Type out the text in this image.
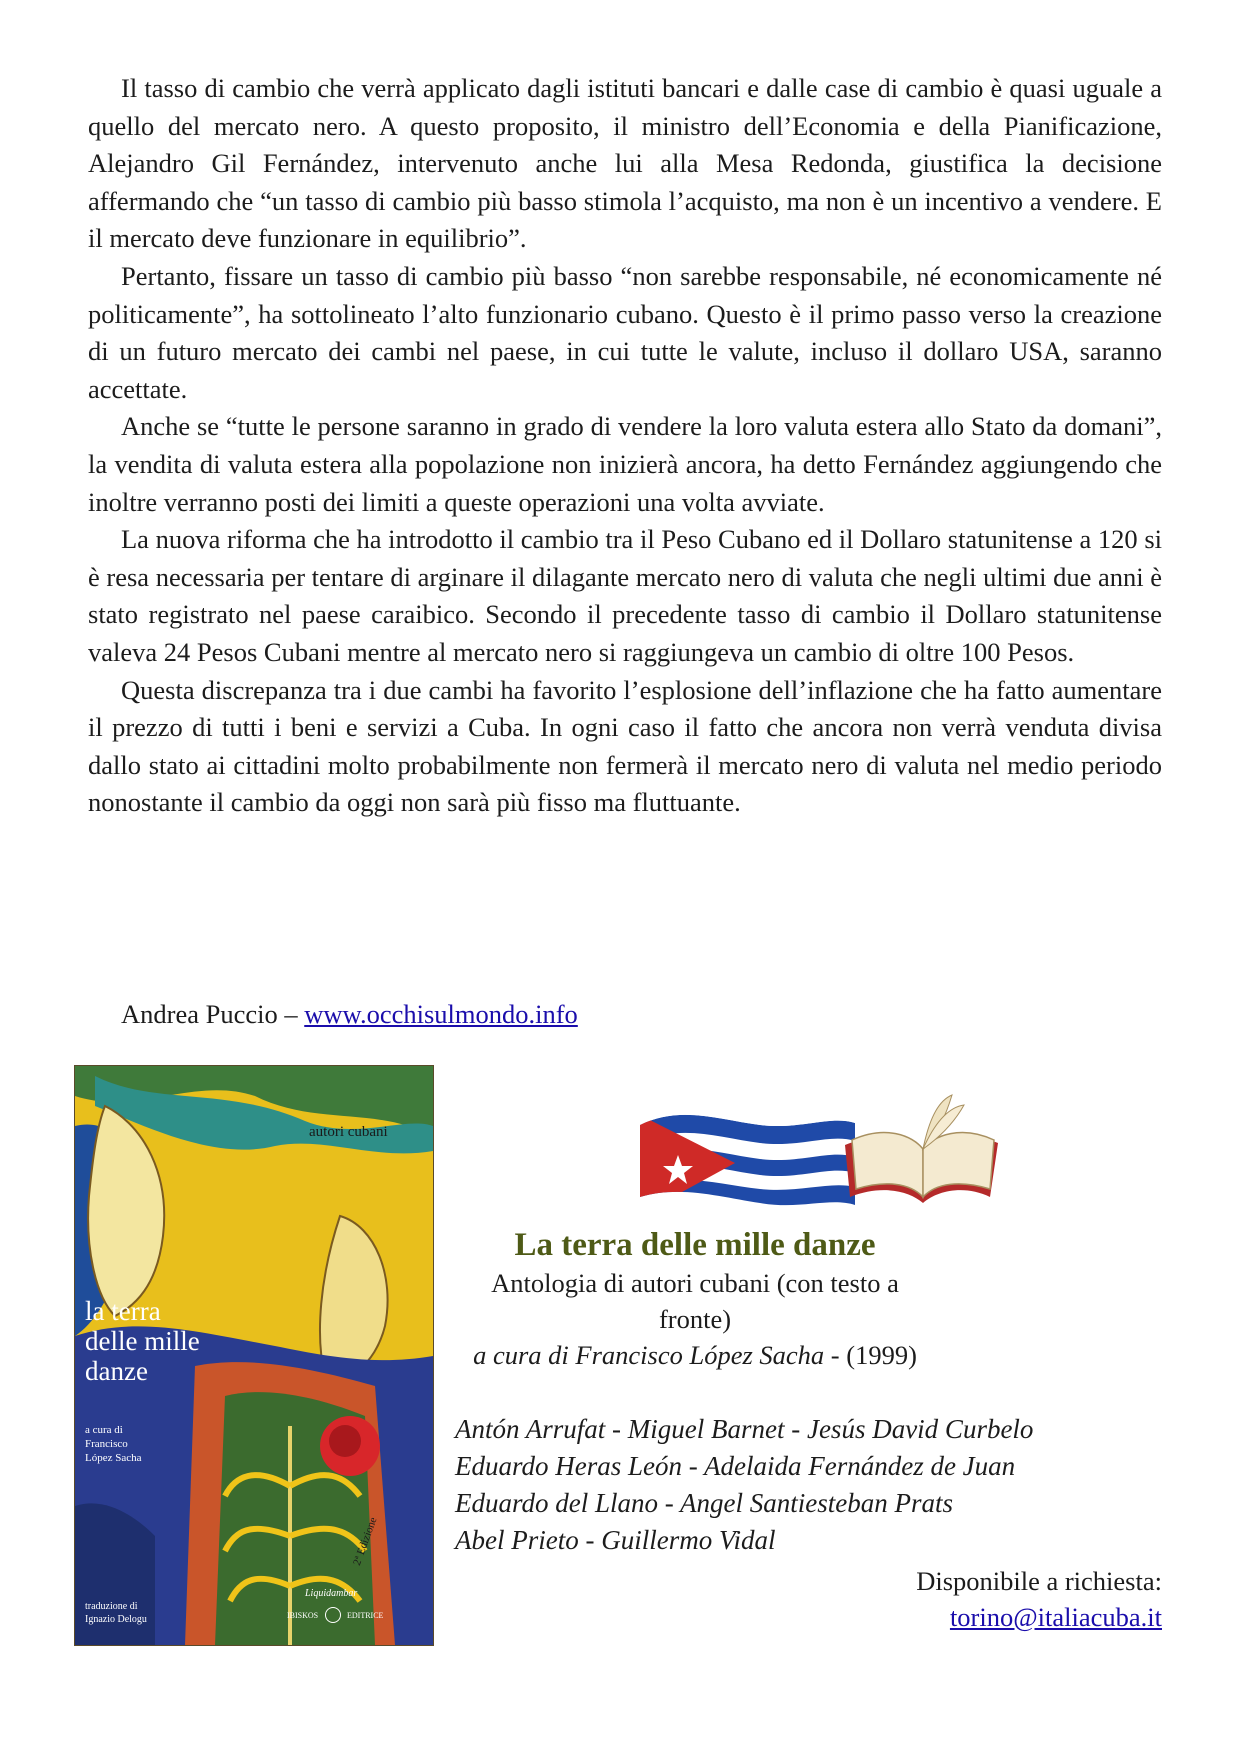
Il tasso di cambio che verrà applicato dagli istituti bancari e dalle case di cambio è quasi uguale a quello del mercato nero. A questo proposito, il ministro dell’Economia e della Pianificazione, Alejandro Gil Fernández, intervenuto anche lui alla Mesa Redonda, giustifica la decisione affermando che “un tasso di cambio più basso stimola l’acquisto, ma non è un incentivo a vendere. E il mercato deve funzionare in equilibrio”.

Pertanto, fissare un tasso di cambio più basso “non sarebbe responsabile, né economicamente né politicamente”, ha sottolineato l’alto funzionario cubano. Questo è il primo passo verso la creazione di un futuro mercato dei cambi nel paese, in cui tutte le valute, incluso il dollaro USA, saranno accettate.

Anche se “tutte le persone saranno in grado di vendere la loro valuta estera allo Stato da domani”, la vendita di valuta estera alla popolazione non inizierà ancora, ha detto Fernández aggiungendo che inoltre verranno posti dei limiti a queste operazioni una volta avviate.

La nuova riforma che ha introdotto il cambio tra il Peso Cubano ed il Dollaro statunitense a 120 si è resa necessaria per tentare di arginare il dilagante mercato nero di valuta che negli ultimi due anni è stato registrato nel paese caraibico. Secondo il precedente tasso di cambio il Dollaro statunitense valeva 24 Pesos Cubani mentre al mercato nero si raggiungeva un cambio di oltre 100 Pesos.

Questa discrepanza tra i due cambi ha favorito l’esplosione dell’inflazione che ha fatto aumentare il prezzo di tutti i beni e servizi a Cuba. In ogni caso il fatto che ancora non verrà venduta divisa dallo stato ai cittadini molto probabilmente non fermerà il mercato nero di valuta nel medio periodo nonostante il cambio da oggi non sarà più fisso ma fluttuante.

Andrea Puccio – www.occhisulmondo.info
autori cubani
la terra
delle mille
danze
a cura di
Francisco
López Sacha
2ª Edizione
Liquidambar
IBISKOS	EDITRICE
traduzione di
Ignazio Delogu
La terra delle mille danze
Antologia di autori cubani (con testo a fronte)
a cura di Francisco López Sacha - (1999)
Antón Arrufat - Miguel Barnet - Jesús David Curbelo
Eduardo Heras León - Adelaida Fernández de Juan
Eduardo del Llano - Angel Santiesteban Prats
Abel Prieto - Guillermo Vidal
Disponibile a richiesta:
torino@italiacuba.it
